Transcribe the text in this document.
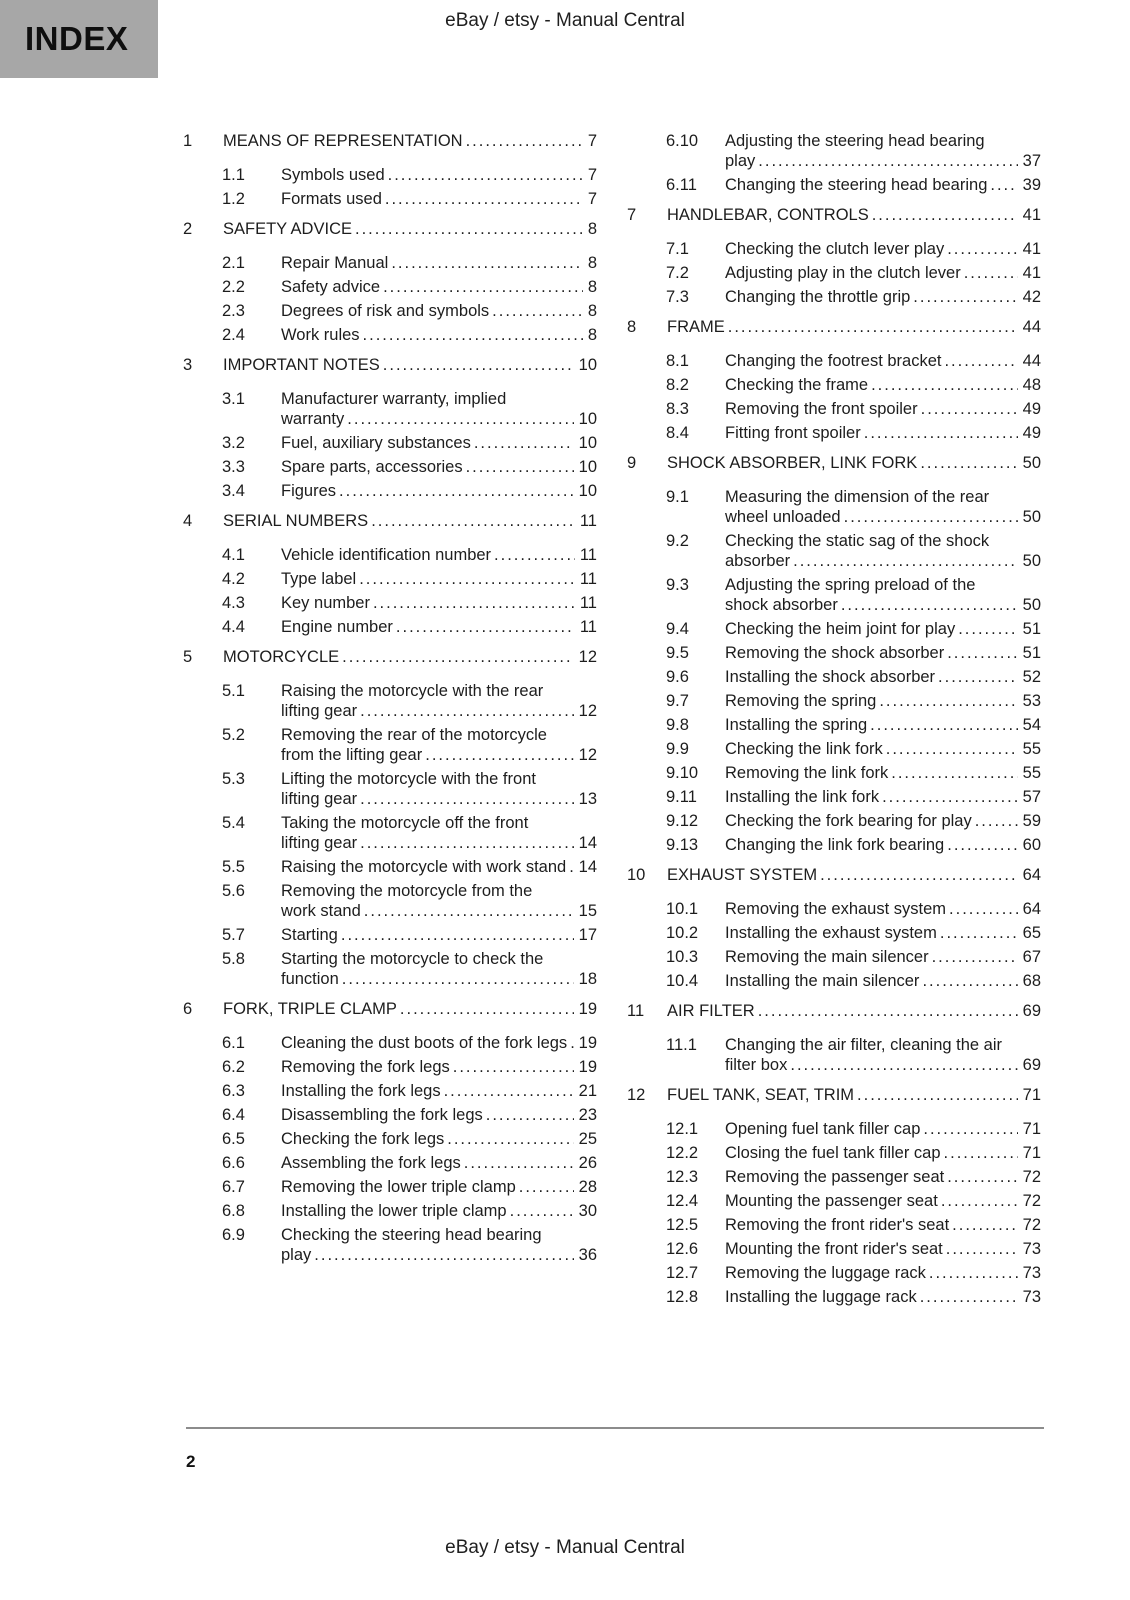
INDEX	eBay / etsy - Manual Central
1	MEANS OF REPRESENTATION	7
1.1	Symbols used	7
1.2	Formats used	7
2	SAFETY ADVICE	8
2.1	Repair Manual	8
2.2	Safety advice	8
2.3	Degrees of risk and symbols	8
2.4	Work rules	8
3	IMPORTANT NOTES	10
3.1	Manufacturer warranty, implied warranty	10
3.2	Fuel, auxiliary substances	10
3.3	Spare parts, accessories	10
3.4	Figures	10
4	SERIAL NUMBERS	11
4.1	Vehicle identification number	11
4.2	Type label	11
4.3	Key number	11
4.4	Engine number	11
5	MOTORCYCLE	12
5.1	Raising the motorcycle with the rear lifting gear	12
5.2	Removing the rear of the motorcycle from the lifting gear	12
5.3	Lifting the motorcycle with the front lifting gear	13
5.4	Taking the motorcycle off the front lifting gear	14
5.5	Raising the motorcycle with work stand 14
5.6	Removing the motorcycle from the work stand	15
5.7	Starting	17
5.8	Starting the motorcycle to check the function	18
6	FORK, TRIPLE CLAMP	19
6.1	Cleaning the dust boots of the fork legs 19
6.2	Removing the fork legs	19
6.3	Installing the fork legs	21
6.4	Disassembling the fork legs	23
6.5	Checking the fork legs	25
6.6	Assembling the fork legs	26
6.7	Removing the lower triple clamp	28
6.8	Installing the lower triple clamp	30
6.9	Checking the steering head bearing play	36
6.10	Adjusting the steering head bearing play	37
6.11	Changing the steering head bearing	39
7	HANDLEBAR, CONTROLS	41
7.1	Checking the clutch lever play	41
7.2	Adjusting play in the clutch lever	41
7.3	Changing the throttle grip	42
8	FRAME	44
8.1	Changing the footrest bracket	44
8.2	Checking the frame	48
8.3	Removing the front spoiler	49
8.4	Fitting front spoiler	49
9	SHOCK ABSORBER, LINK FORK	50
9.1	Measuring the dimension of the rear wheel unloaded	50
9.2	Checking the static sag of the shock absorber	50
9.3	Adjusting the spring preload of the shock absorber	50
9.4	Checking the heim joint for play	51
9.5	Removing the shock absorber	51
9.6	Installing the shock absorber	52
9.7	Removing the spring	53
9.8	Installing the spring	54
9.9	Checking the link fork	55
9.10	Removing the link fork	55
9.11	Installing the link fork	57
9.12	Checking the fork bearing for play	59
9.13	Changing the link fork bearing	60
10	EXHAUST SYSTEM	64
10.1	Removing the exhaust system	64
10.2	Installing the exhaust system	65
10.3	Removing the main silencer	67
10.4	Installing the main silencer	68
11	AIR FILTER	69
11.1	Changing the air filter, cleaning the air filter box	69
12	FUEL TANK, SEAT, TRIM	71
12.1	Opening fuel tank filler cap	71
12.2	Closing the fuel tank filler cap	71
12.3	Removing the passenger seat	72
12.4	Mounting the passenger seat	72
12.5	Removing the front rider's seat	72
12.6	Mounting the front rider's seat	73
12.7	Removing the luggage rack	73
12.8	Installing the luggage rack	73
2
eBay / etsy - Manual Central
